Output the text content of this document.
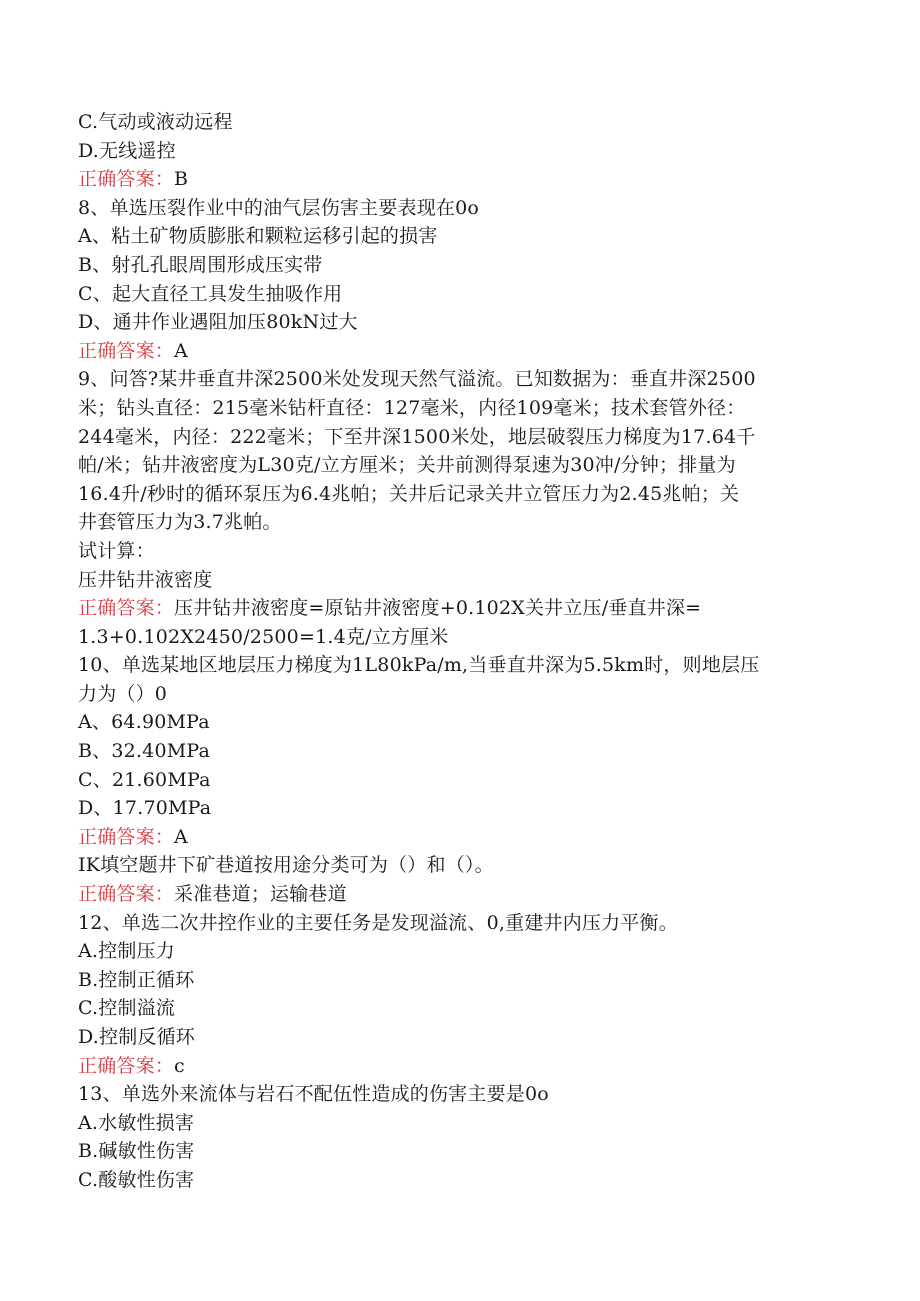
C.气动或液动远程
D.无线遥控
正确答案：B
8、单选压裂作业中的油气层伤害主要表现在0o
A、粘土矿物质膨胀和颗粒运移引起的损害
B、射孔孔眼周围形成压实带
C、起大直径工具发生抽吸作用
D、通井作业遇阻加压80kN过大
正确答案：A
9、问答?某井垂直井深2500米处发现天然气溢流。已知数据为：垂直井深2500
米；钻头直径：215毫米钻杆直径：127毫米，内径109毫米；技术套管外径：
244毫米，内径：222毫米；下至井深1500米处，地层破裂压力梯度为17.64千
帕/米；钻井液密度为L30克/立方厘米；关井前测得泵速为30冲/分钟；排量为
16.4升/秒时的循环泵压为6.4兆帕；关井后记录关井立管压力为2.45兆帕；关
井套管压力为3.7兆帕。
试计算：
压井钻井液密度
正确答案：压井钻井液密度=原钻井液密度+0.102X关井立压/垂直井深=
1.3+0.102X2450/2500=1.4克/立方厘米
10、单选某地区地层压力梯度为1L80kPa/m,当垂直井深为5.5km时，则地层压
力为（）0
A、64.90MPa
B、32.40MPa
C、21.60MPa
D、17.70MPa
正确答案：A
IK填空题井下矿巷道按用途分类可为（）和（）。
正确答案：采准巷道；运输巷道
12、单选二次井控作业的主要任务是发现溢流、0,重建井内压力平衡。
A.控制压力
B.控制正循环
C.控制溢流
D.控制反循环
正确答案：c
13、单选外来流体与岩石不配伍性造成的伤害主要是0o
A.水敏性损害
B.碱敏性伤害
C.酸敏性伤害
